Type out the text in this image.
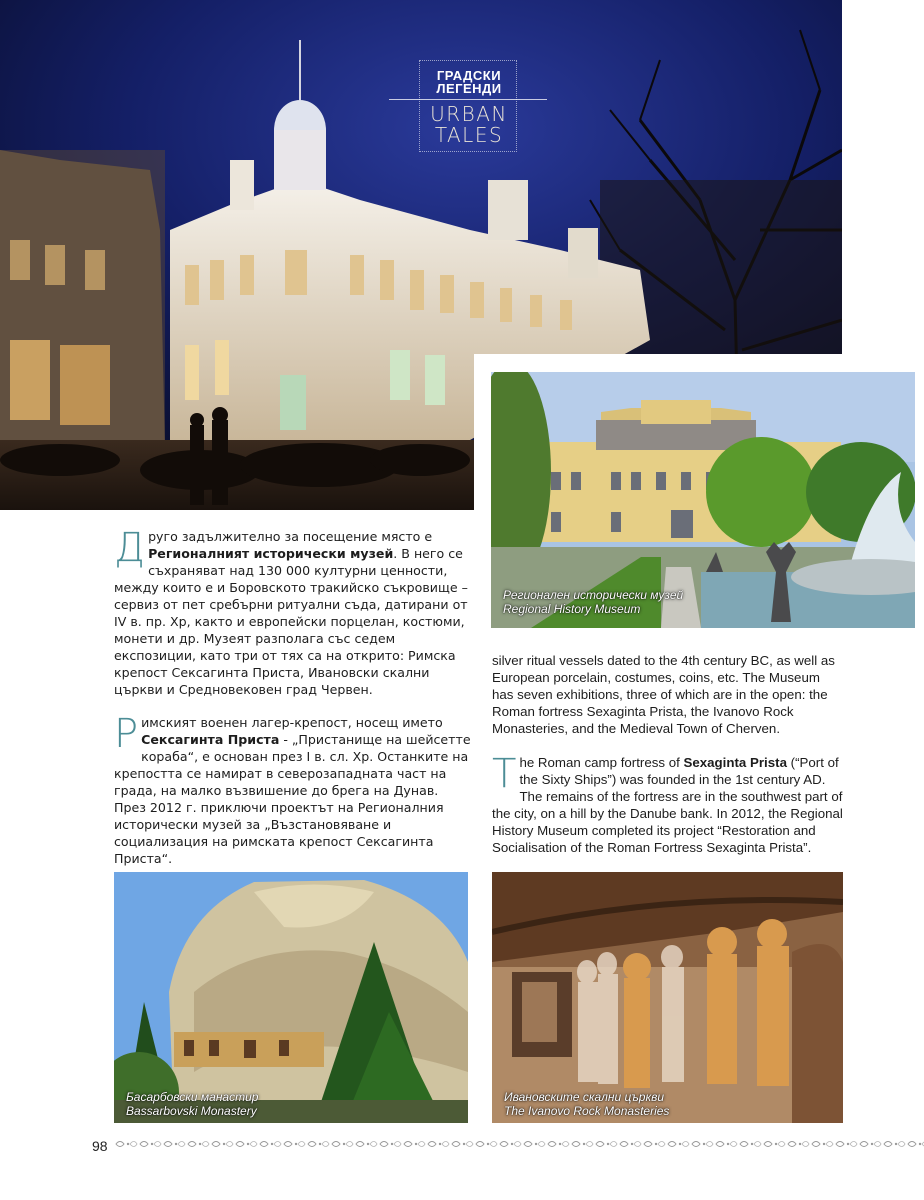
ГРАДСКИ
ЛЕГЕНДИ
URBAN
TALES
Регионален исторически музей
Regional History Museum

Друго задължително за посещение място е Регионалният исторически музей. В него се съхраняват над 130 000 културни ценности, между които е и Боровското тракийско съкровище – сервиз от пет сребърни ритуални съда, датирани от IV в. пр. Хр, както и европейски порцелан, костюми, монети и др. Музеят разполага със седем експозиции, като три от тях са на открито: Римска крепост Сексагинта Приста, Ивановски скални църкви и Средновековен град Червен.

Римският военен лагер-крепост, носещ името Сексагинта Приста - „Пристанище на шейсетте кораба“, е основан през I в. сл. Хр. Останките на крепостта се намират в северозападната част на града, на малко възвишение до брега на Дунав. През 2012 г. приключи проектът на Регионалния исторически музей за „Възстановяване и социализация на римската крепост Сексагинта Приста“.

silver ritual vessels dated to the 4th century BC, as well as European porcelain, costumes, coins, etc. The Museum has seven exhibitions, three of which are in the open: the Roman fortress Sexaginta Prista, the Ivanovo Rock Monasteries, and the Medieval Town of Cherven.

The Roman camp fortress of Sexaginta Prista (“Port of the Sixty Ships”) was founded in the 1st century AD. The remains of the fortress are in the southwest part of the city, on a hill by the Danube bank. In 2012, the Regional History Museum completed its project “Restoration and Socialisation of the Roman Fortress Sexaginta Prista”.

Басарбовски манастир
Bassarbovski Monastery
Ивановските скални църкви
The Ivanovo Rock Monasteries
98
